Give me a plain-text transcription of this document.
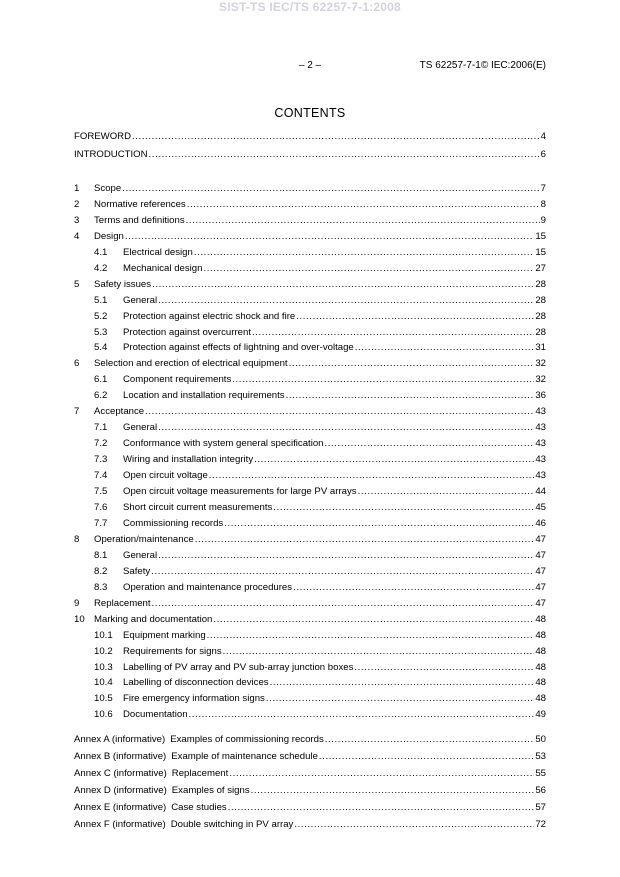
SIST-TS IEC/TS 62257-7-1:2008
– 2 –	TS 62257-7-1© IEC:2006(E)
CONTENTS
FOREWORD .....	4
INTRODUCTION .....	6
1	Scope .....	7
2	Normative references .....	8
3	Terms and definitions .....	9
4	Design .....	15
4.1	Electrical design .....	15
4.2	Mechanical design .....	27
5	Safety issues .....	28
5.1	General .....	28
5.2	Protection against electric shock and fire .....	28
5.3	Protection against overcurrent .....	28
5.4	Protection against effects of lightning and over-voltage .....	31
6	Selection and erection of electrical equipment .....	32
6.1	Component requirements .....	32
6.2	Location and installation requirements .....	36
7	Acceptance .....	43
7.1	General .....	43
7.2	Conformance with system general specification .....	43
7.3	Wiring and installation integrity .....	43
7.4	Open circuit voltage .....	43
7.5	Open circuit voltage measurements for large PV arrays .....	44
7.6	Short circuit current measurements .....	45
7.7	Commissioning records .....	46
8	Operation/maintenance .....	47
8.1	General .....	47
8.2	Safety .....	47
8.3	Operation and maintenance procedures .....	47
9	Replacement .....	47
10 Marking and documentation .....	48
10.1	Equipment marking .....	48
10.2	Requirements for signs .....	48
10.3	Labelling of PV array and PV sub-array junction boxes .....	48
10.4	Labelling of disconnection devices .....	48
10.5	Fire emergency information signs .....	48
10.6	Documentation .....	49
Annex A (informative) Examples of commissioning records .....	50
Annex B (informative) Example of maintenance schedule .....	53
Annex C (informative) Replacement .....	55
Annex D (informative) Examples of signs .....	56
Annex E (informative) Case studies .....	57
Annex F (informative) Double switching in PV array .....	72
